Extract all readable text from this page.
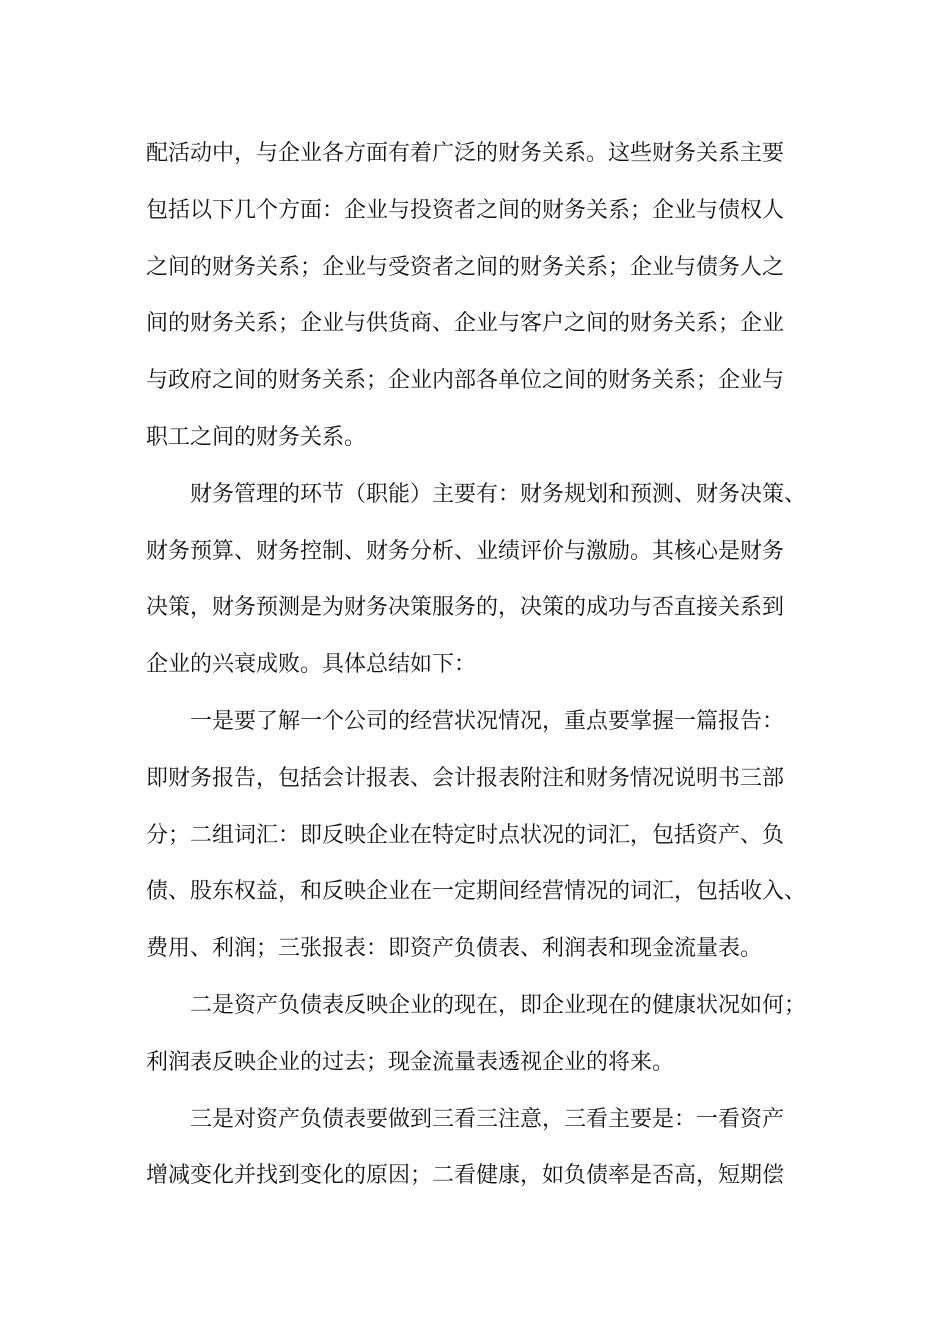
配活动中，与企业各方面有着广泛的财务关系。这些财务关系主要
包括以下几个方面：企业与投资者之间的财务关系；企业与债权人
之间的财务关系；企业与受资者之间的财务关系；企业与债务人之
间的财务关系；企业与供货商、企业与客户之间的财务关系；企业
与政府之间的财务关系；企业内部各单位之间的财务关系；企业与
职工之间的财务关系。
财务管理的环节（职能）主要有：财务规划和预测、财务决策、
财务预算、财务控制、财务分析、业绩评价与激励。其核心是财务
决策，财务预测是为财务决策服务的，决策的成功与否直接关系到
企业的兴衰成败。具体总结如下：
一是要了解一个公司的经营状况情况，重点要掌握一篇报告：
即财务报告，包括会计报表、会计报表附注和财务情况说明书三部
分；二组词汇：即反映企业在特定时点状况的词汇，包括资产、负
债、股东权益，和反映企业在一定期间经营情况的词汇，包括收入、
费用、利润；三张报表：即资产负债表、利润表和现金流量表。
二是资产负债表反映企业的现在，即企业现在的健康状况如何；
利润表反映企业的过去；现金流量表透视企业的将来。
三是对资产负债表要做到三看三注意，三看主要是：一看资产
增减变化并找到变化的原因；二看健康，如负债率是否高，短期偿
